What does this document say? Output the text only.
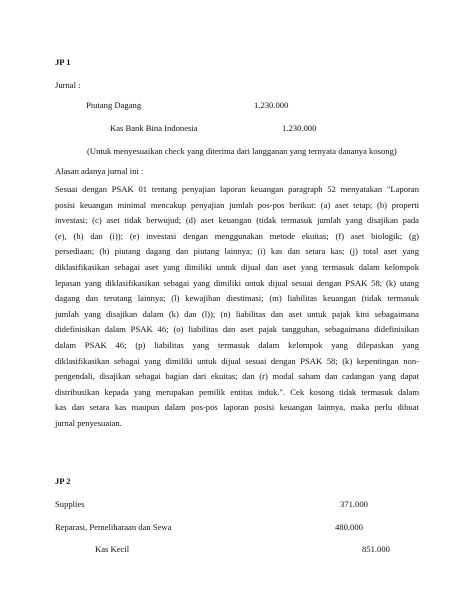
JP 1
Jurnal :
Piutang Dagang	1.230.000
Kas Bank Bina Indonesia	1.230.000
(Untuk menyesuaikan check yang diterima dari langganan yang ternyata dananya kosong)
Alasan adanya jurnal ini :
Sesuai dengan PSAK 01 tentang penyajian laporan keuangan paragraph 52 menyatakan "Laporan
posisi keuangan minimal mencakup penyajian jumlah pos-pos berikut: (a) aset tetap; (b) properti
investasi; (c) aset tidak berwujud; (d) aset keuangan (tidak termasuk jumlah yang disajikan pada
(e), (h) dan (i)); (e) investasi dengan menggunakan metode ekuitas; (f) aset biologik; (g)
persediaan; (h) piutang dagang dan piutang lainnya; (i) kas dan setara kas; (j) total aset yang
diklasifikasikan sebagai aset yang dimiliki untuk dijual dan aset yang termasuk dalam kelompok
lepasan yang diklasifikasikan sebagai yang dimiliki untuk dijual sesuai dengan PSAK 58; (k) utang
dagang dan terutang lainnya; (l) kewajiban diestimasi; (m) liabilitas keuangan (tidak termasuk
jumlah yang disajikan dalam (k) dan (l)); (n) liabilitas dan aset untuk pajak kini sebagaimana
didefinisikan dalam PSAK 46; (o) liabilitas dan aset pajak tangguhan, sebagaimana didefinisikan
dalam PSAK 46; (p) liabilitas yang termasuk dalam kelompok yang dilepaskan yang
diklasifikasikan sebagai yang dimiliki untuk dijual sesuai dengan PSAK 58; (k) kepentingan non-
pengendali, disajikan sebagai bagian dari ekuitas; dan (r) modal saham dan cadangan yang dapat
distribusikan kepada yang merupakan pemilik entitas induk.". Cek kosong tidak termasuk dalam
kas dan setara kas maupun dalam pos-pos laporan posisi keuangan lainnya, maka perlu dibuat
jurnal penyesuaian.
JP 2
Supplies	371.000
Reparasi, Pemeliharaan dan Sewa	480.000
Kas Kecil	851.000
